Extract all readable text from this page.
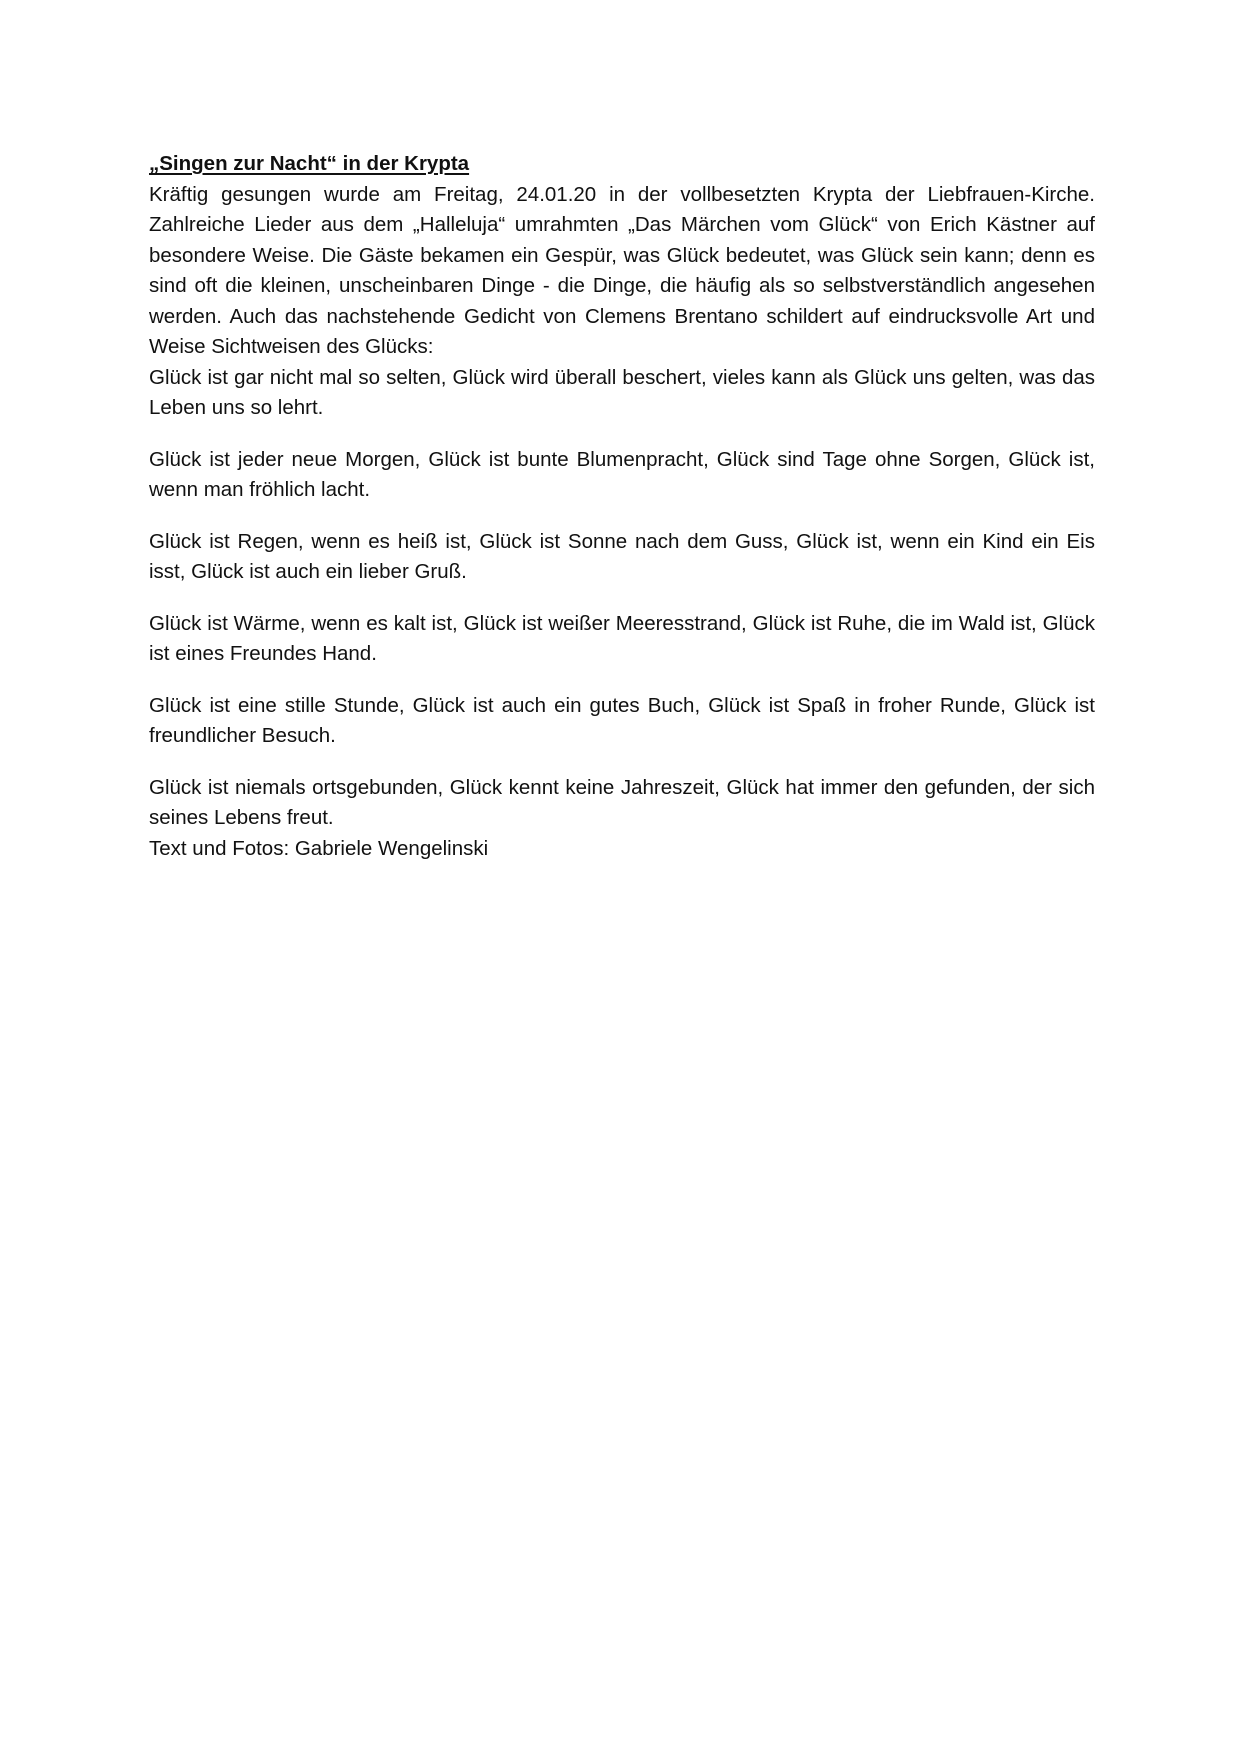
„Singen zur Nacht“ in der Krypta

Kräftig gesungen wurde am Freitag, 24.01.20 in der vollbesetzten Krypta der Liebfrauen-Kirche. Zahlreiche Lieder aus dem „Halleluja“ umrahmten „Das Märchen vom Glück“ von Erich Kästner auf besondere Weise. Die Gäste bekamen ein Gespür, was Glück bedeutet, was Glück sein kann; denn es sind oft die kleinen, unscheinbaren Dinge - die Dinge, die häufig als so selbstverständlich angesehen werden. Auch das nachstehende Gedicht von Clemens Brentano schildert auf eindrucksvolle Art und Weise Sichtweisen des Glücks:

Glück ist gar nicht mal so selten, Glück wird überall beschert, vieles kann als Glück uns gelten, was das Leben uns so lehrt.

Glück ist jeder neue Morgen, Glück ist bunte Blumenpracht, Glück sind Tage ohne Sorgen, Glück ist, wenn man fröhlich lacht.

Glück ist Regen, wenn es heiß ist, Glück ist Sonne nach dem Guss, Glück ist, wenn ein Kind ein Eis isst, Glück ist auch ein lieber Gruß.

Glück ist Wärme, wenn es kalt ist, Glück ist weißer Meeresstrand, Glück ist Ruhe, die im Wald ist, Glück ist eines Freundes Hand.

Glück ist eine stille Stunde, Glück ist auch ein gutes Buch, Glück ist Spaß in froher Runde, Glück ist freundlicher Besuch.

Glück ist niemals ortsgebunden, Glück kennt keine Jahreszeit, Glück hat immer den gefunden, der sich seines Lebens freut.

Text und Fotos: Gabriele Wengelinski
